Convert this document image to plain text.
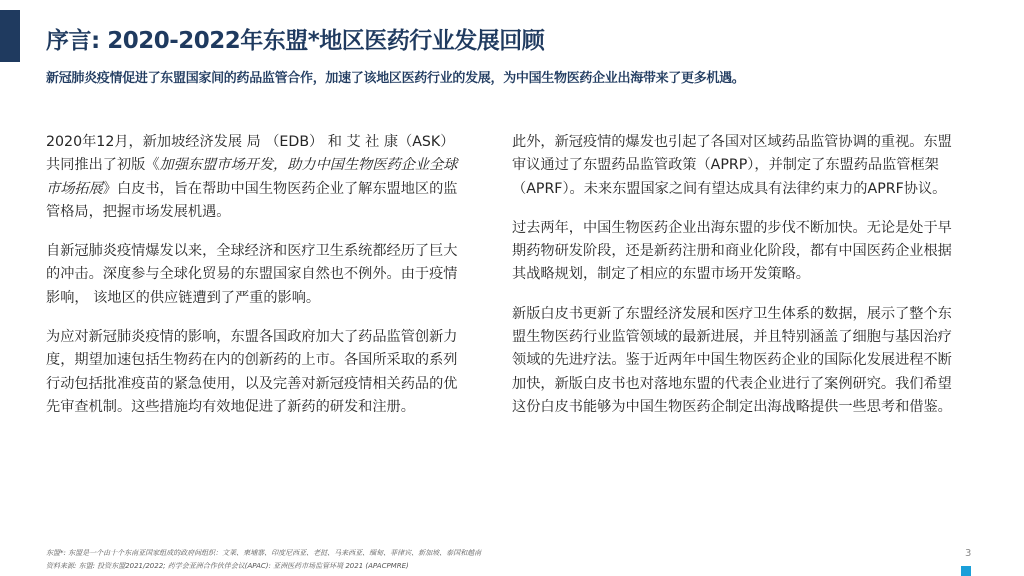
序言: 2020-2022年东盟*地区医药行业发展回顾
新冠肺炎疫情促进了东盟国家间的药品监管合作，加速了该地区医药行业的发展，为中国生物医药企业出海带来了更多机遇。

2020年12月，新加坡经济发展 局 （EDB） 和 艾 社 康（ASK）共同推出了初版《加强东盟市场开发，助力中国生物医药企业全球市场拓展》白皮书，旨在帮助中国生物医药企业了解东盟地区的监管格局，把握市场发展机遇。

自新冠肺炎疫情爆发以来，全球经济和医疗卫生系统都经历了巨大的冲击。深度参与全球化贸易的东盟国家自然也不例外。由于疫情影响， 该地区的供应链遭到了严重的影响。

为应对新冠肺炎疫情的影响，东盟各国政府加大了药品监管创新力度，期望加速包括生物药在内的创新药的上市。各国所采取的系列行动包括批准疫苗的紧急使用，以及完善对新冠疫情相关药品的优先审查机制。这些措施均有效地促进了新药的研发和注册。

此外，新冠疫情的爆发也引起了各国对区域药品监管协调的重视。东盟审议通过了东盟药品监管政策（APRP），并制定了东盟药品监管框架（APRF）。未来东盟国家之间有望达成具有法律约束力的APRF协议。

过去两年，中国生物医药企业出海东盟的步伐不断加快。无论是处于早期药物研发阶段，还是新药注册和商业化阶段，都有中国医药企业根据其战略规划，制定了相应的东盟市场开发策略。

新版白皮书更新了东盟经济发展和医疗卫生体系的数据，展示了整个东盟生物医药行业监管领域的最新进展，并且特别涵盖了细胞与基因治疗领域的先进疗法。鉴于近两年中国生物医药企业的国际化发展进程不断加快，新版白皮书也对落地东盟的代表企业进行了案例研究。我们希望这份白皮书能够为中国生物医药企制定出海战略提供一些思考和借鉴。

东盟*: 东盟是一个由十个东南亚国家组成的政府间组织：文莱、柬埔寨、印度尼西亚、老挝、马来西亚、缅甸、菲律宾、新加坡、泰国和越南
资料来源: 东盟: 投资东盟2021/2022; 药学会亚洲合作伙伴会议(APAC): 亚洲医药市场监管环境 2021 (APACPMRE)
3
